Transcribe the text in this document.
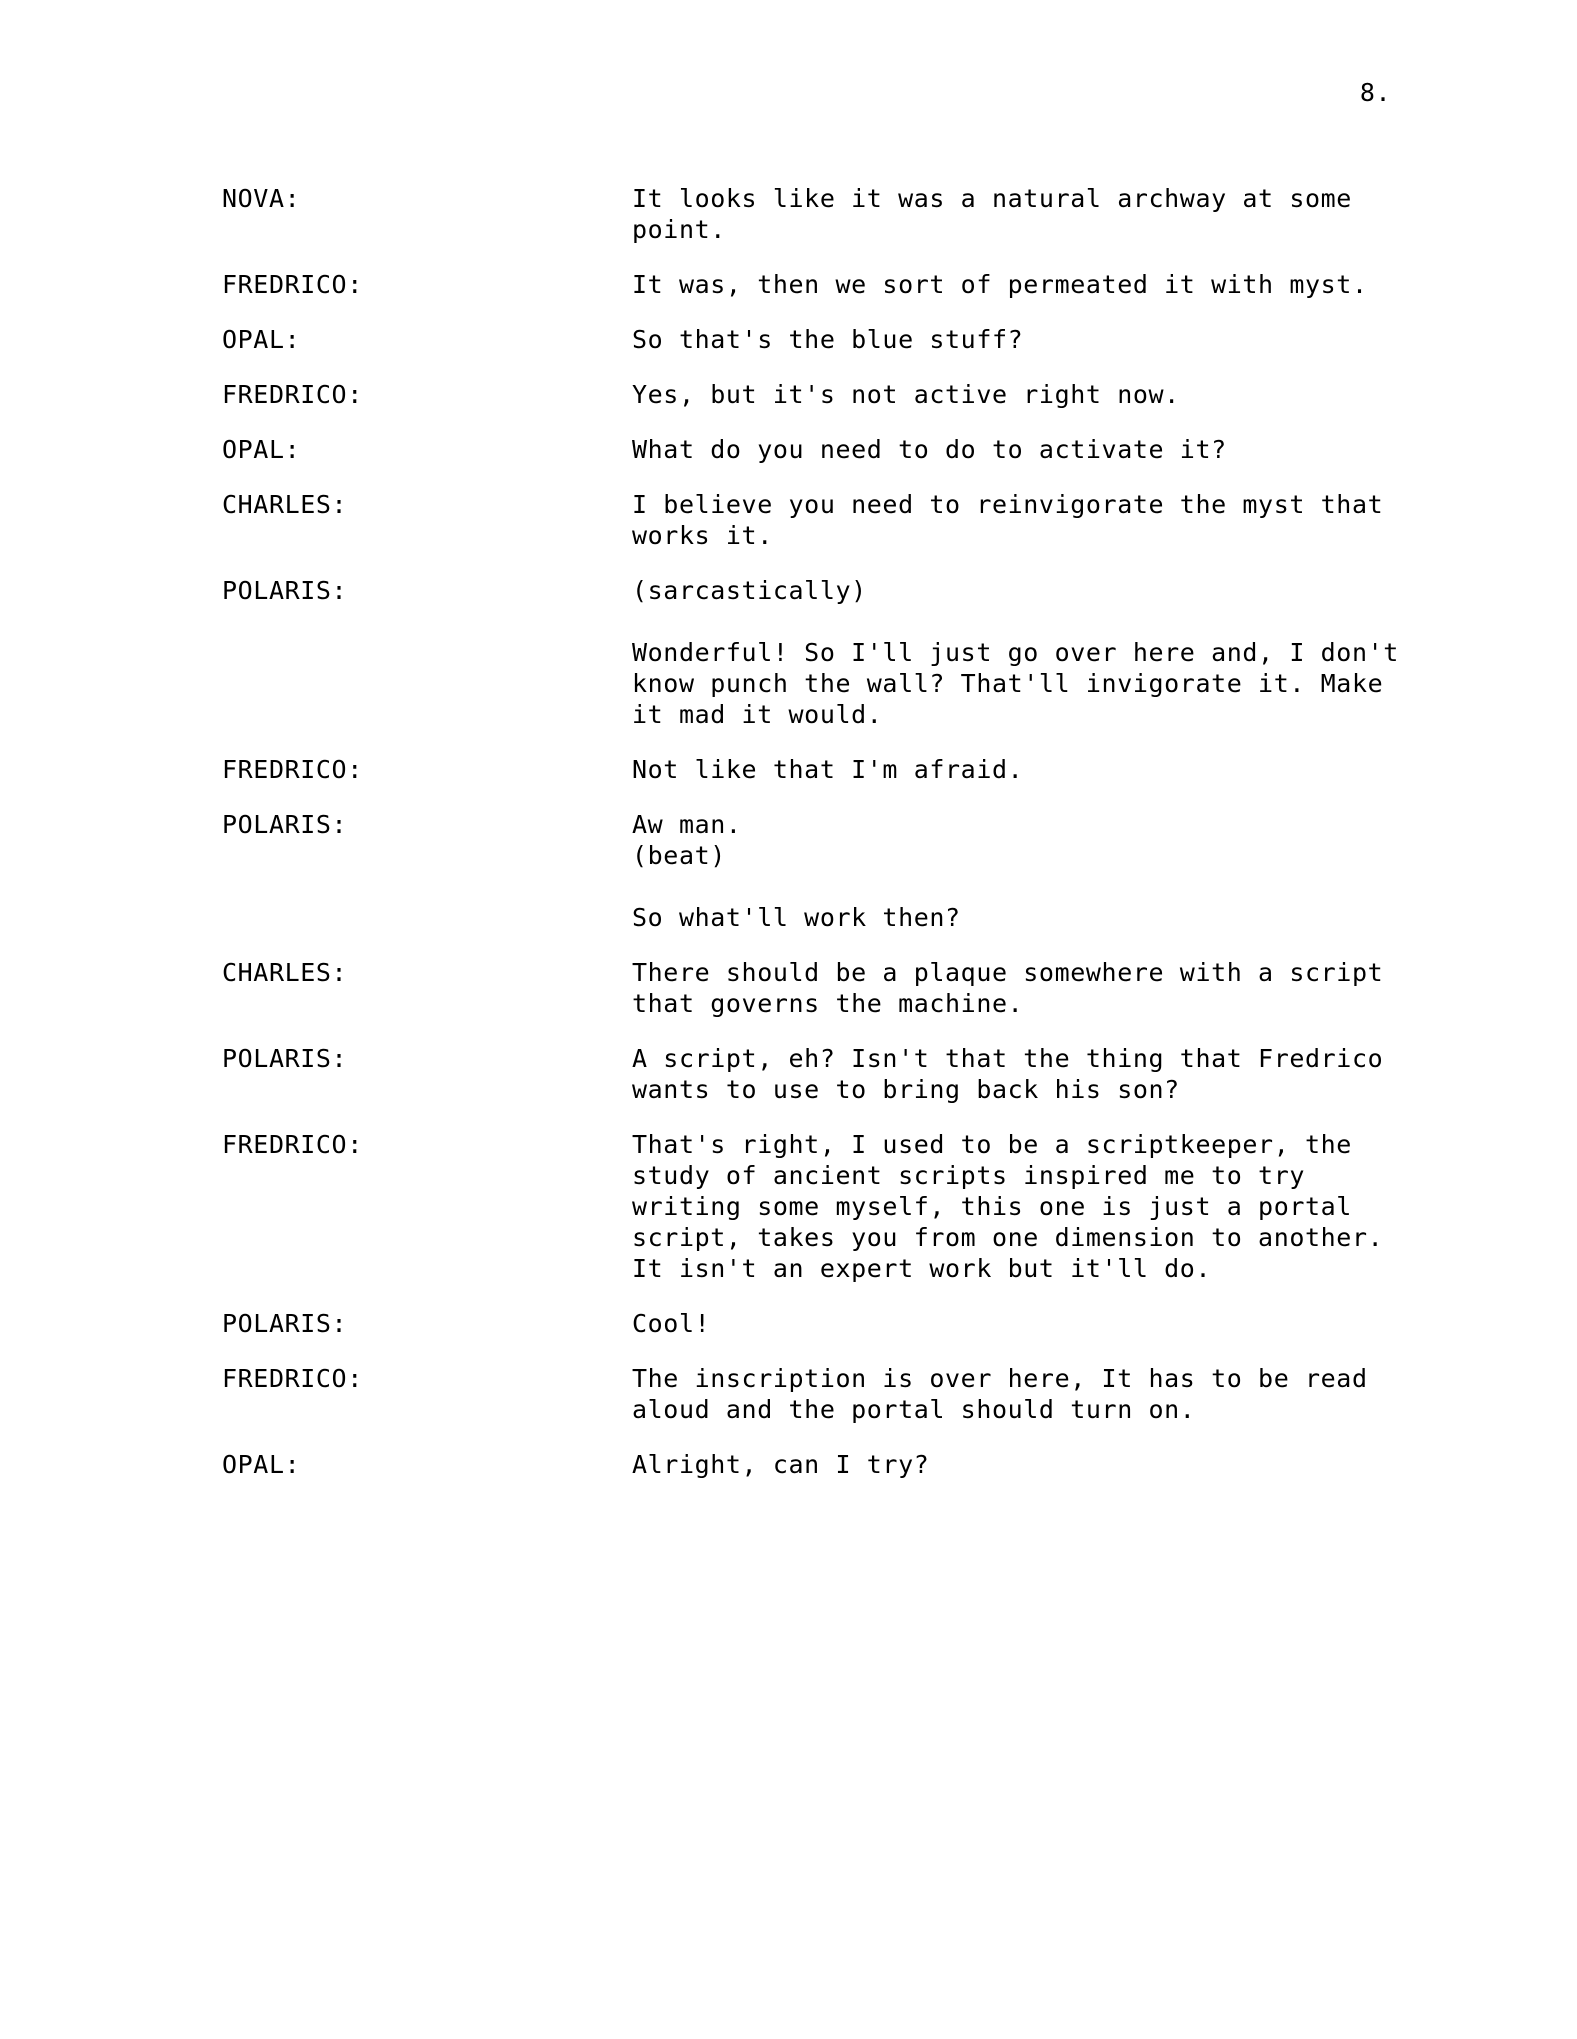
8.
NOVA:	It looks like it was a natural archway at some point.
FREDRICO:	It was, then we sort of permeated it with myst.
OPAL:	So that's the blue stuff?
FREDRICO:	Yes, but it's not active right now.
OPAL:	What do you need to do to activate it?
CHARLES:	I believe you need to reinvigorate the myst that works it.
POLARIS:	(sarcastically)
Wonderful! So I'll just go over here and, I don't know punch the wall? That'll invigorate it. Make it mad it would.
FREDRICO:	Not like that I'm afraid.
POLARIS:	Aw man.
(beat)
So what'll work then?
CHARLES:	There should be a plaque somewhere with a script that governs the machine.
POLARIS:	A script, eh? Isn't that the thing that Fredrico wants to use to bring back his son?
FREDRICO:	That's right, I used to be a scriptkeeper, the study of ancient scripts inspired me to try writing some myself, this one is just a portal script, takes you from one dimension to another. It isn't an expert work but it'll do.
POLARIS:	Cool!
FREDRICO:	The inscription is over here, It has to be read aloud and the portal should turn on.
OPAL:	Alright, can I try?
